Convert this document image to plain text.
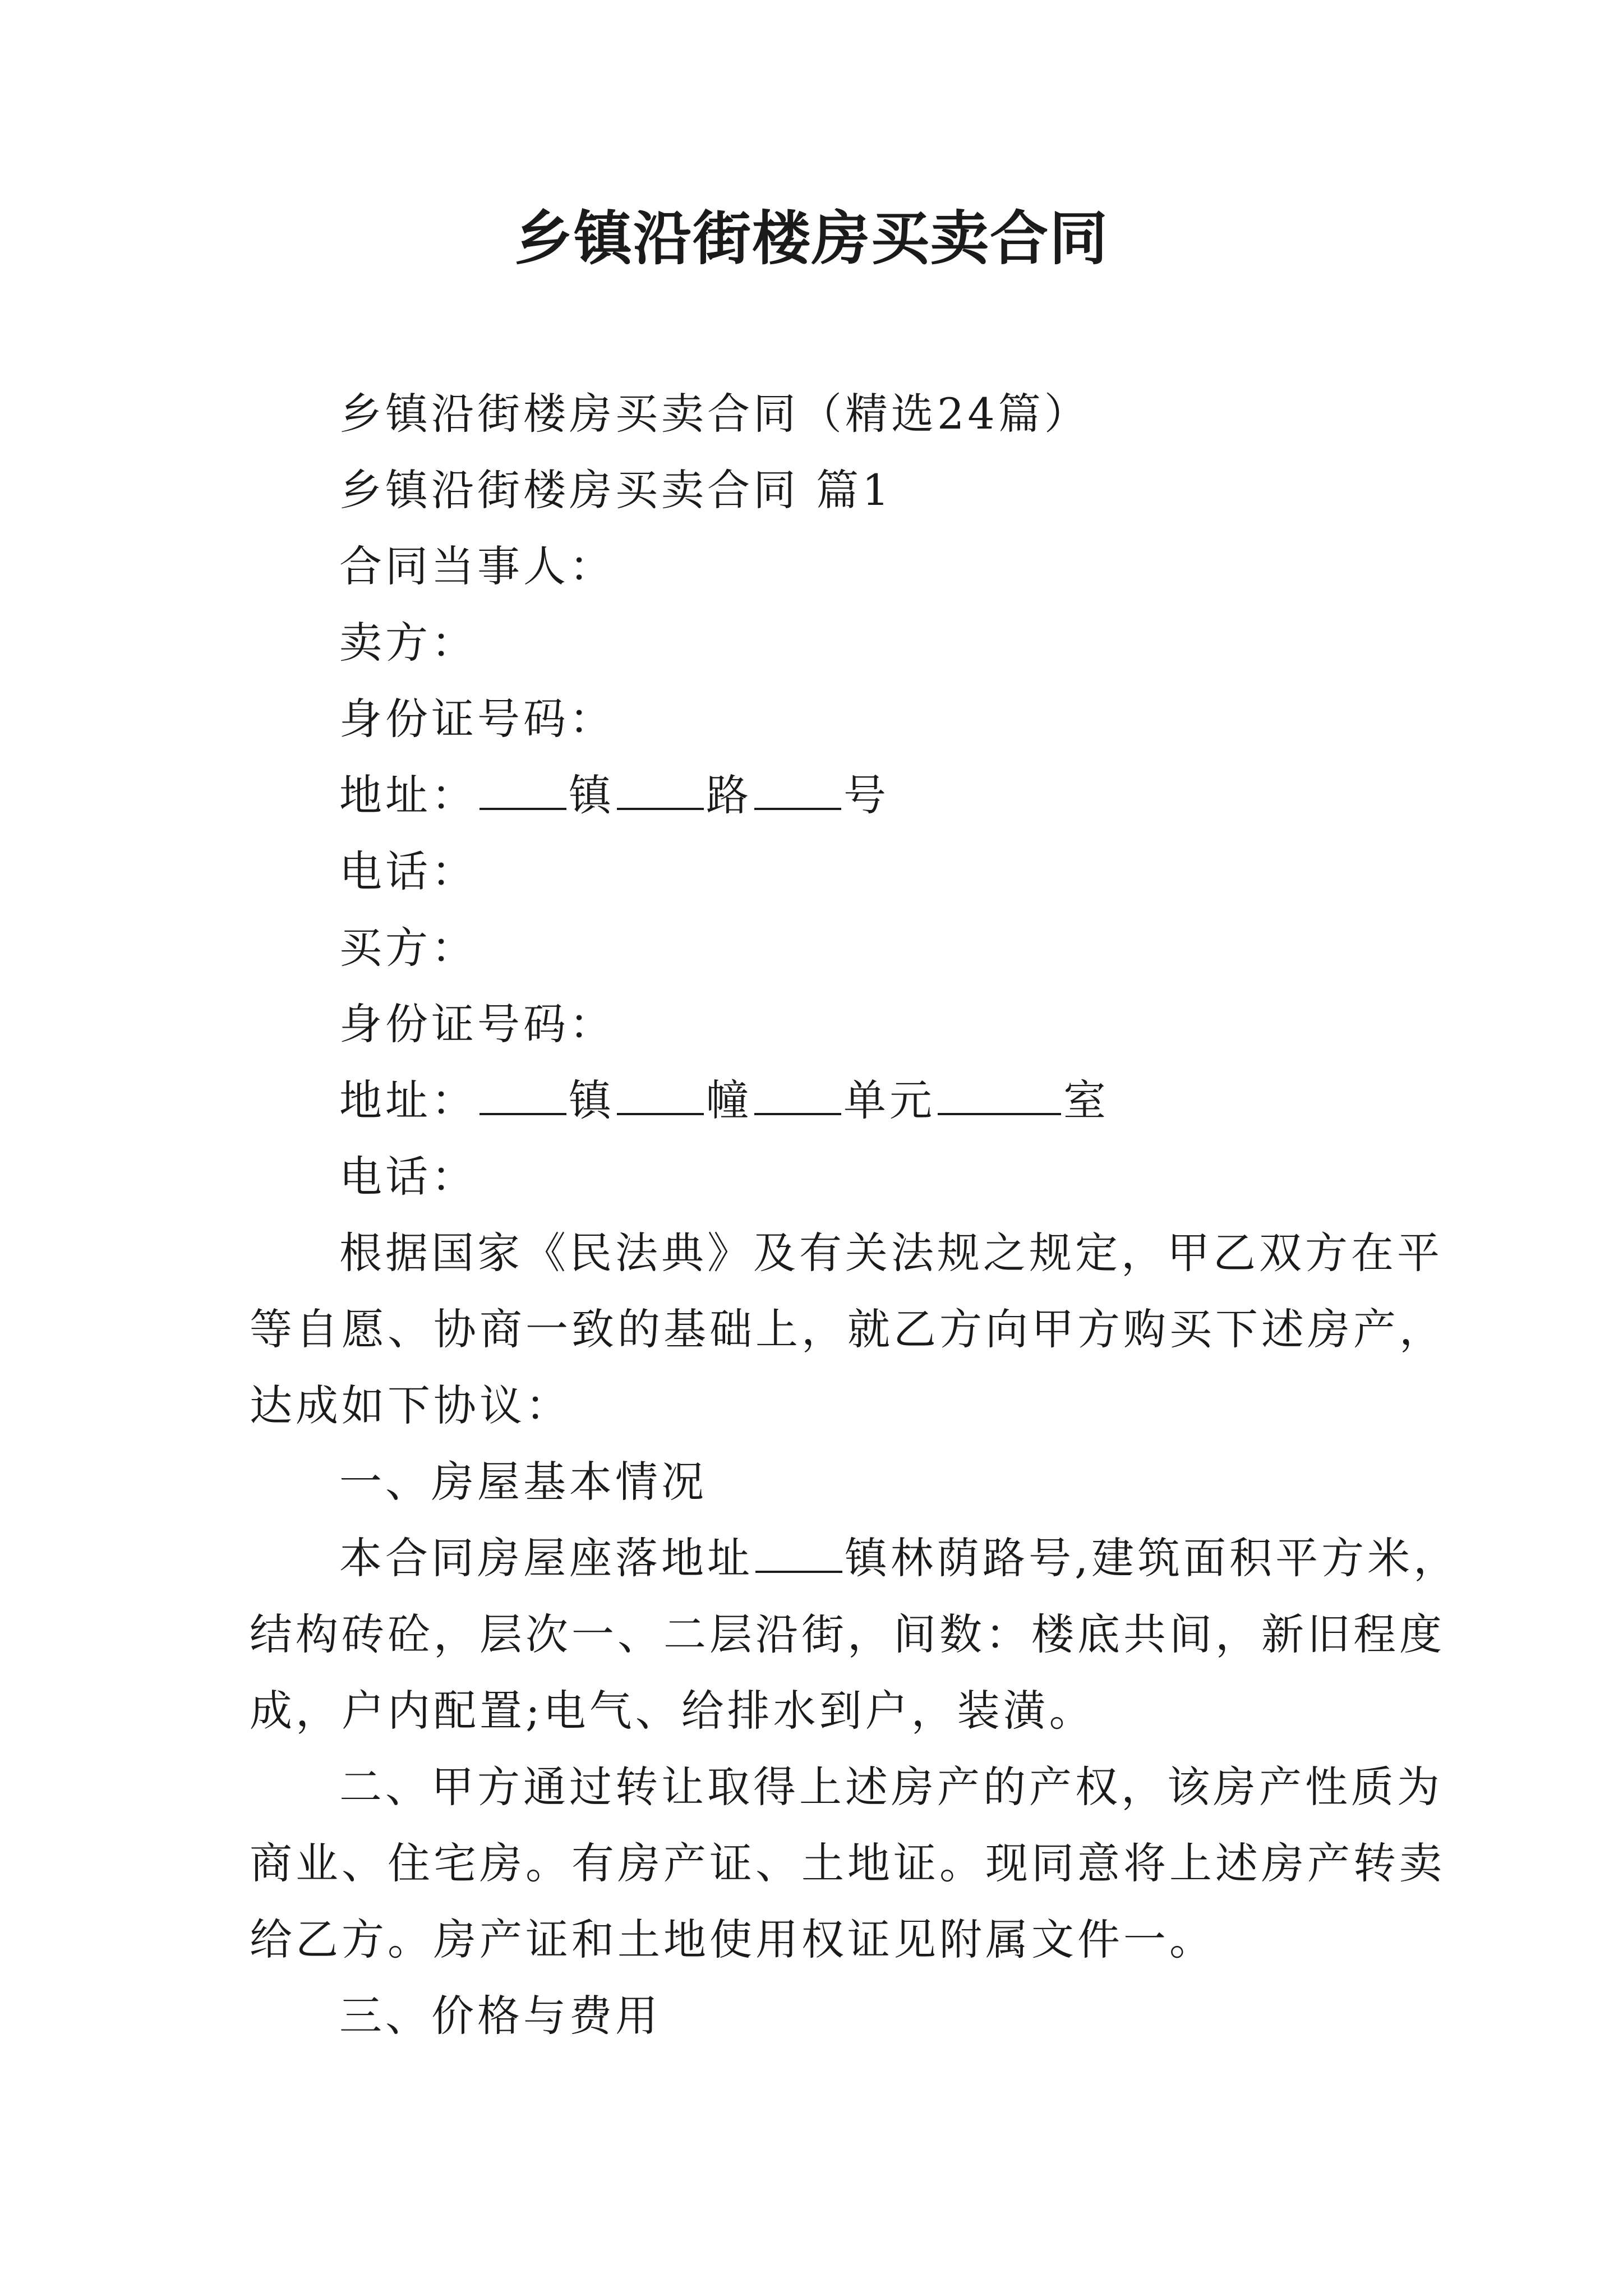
乡镇沿街楼房买卖合同
乡镇沿街楼房买卖合同（精选24篇）
乡镇沿街楼房买卖合同 篇1
合同当事人：
卖方：
身份证号码：
地址： 镇 路 号
电话：
买方：
身份证号码：
地址： 镇 幢 单元	室
电话：
根据国家《民法典》及有关法规之规定，甲乙双方在平
等自愿、协商一致的基础上，就乙方向甲方购买下述房产，
达成如下协议：
一、房屋基本情况
本合同房屋座落地址 镇林荫路号,建筑面积平方米，
结构砖砼，层次一、二层沿街，间数：楼底共间，新旧程度
成，户内配置;电气、给排水到户，装潢。
二、甲方通过转让取得上述房产的产权，该房产性质为
商业、住宅房。有房产证、土地证。现同意将上述房产转卖
给乙方。房产证和土地使用权证见附属文件一。
三、价格与费用
